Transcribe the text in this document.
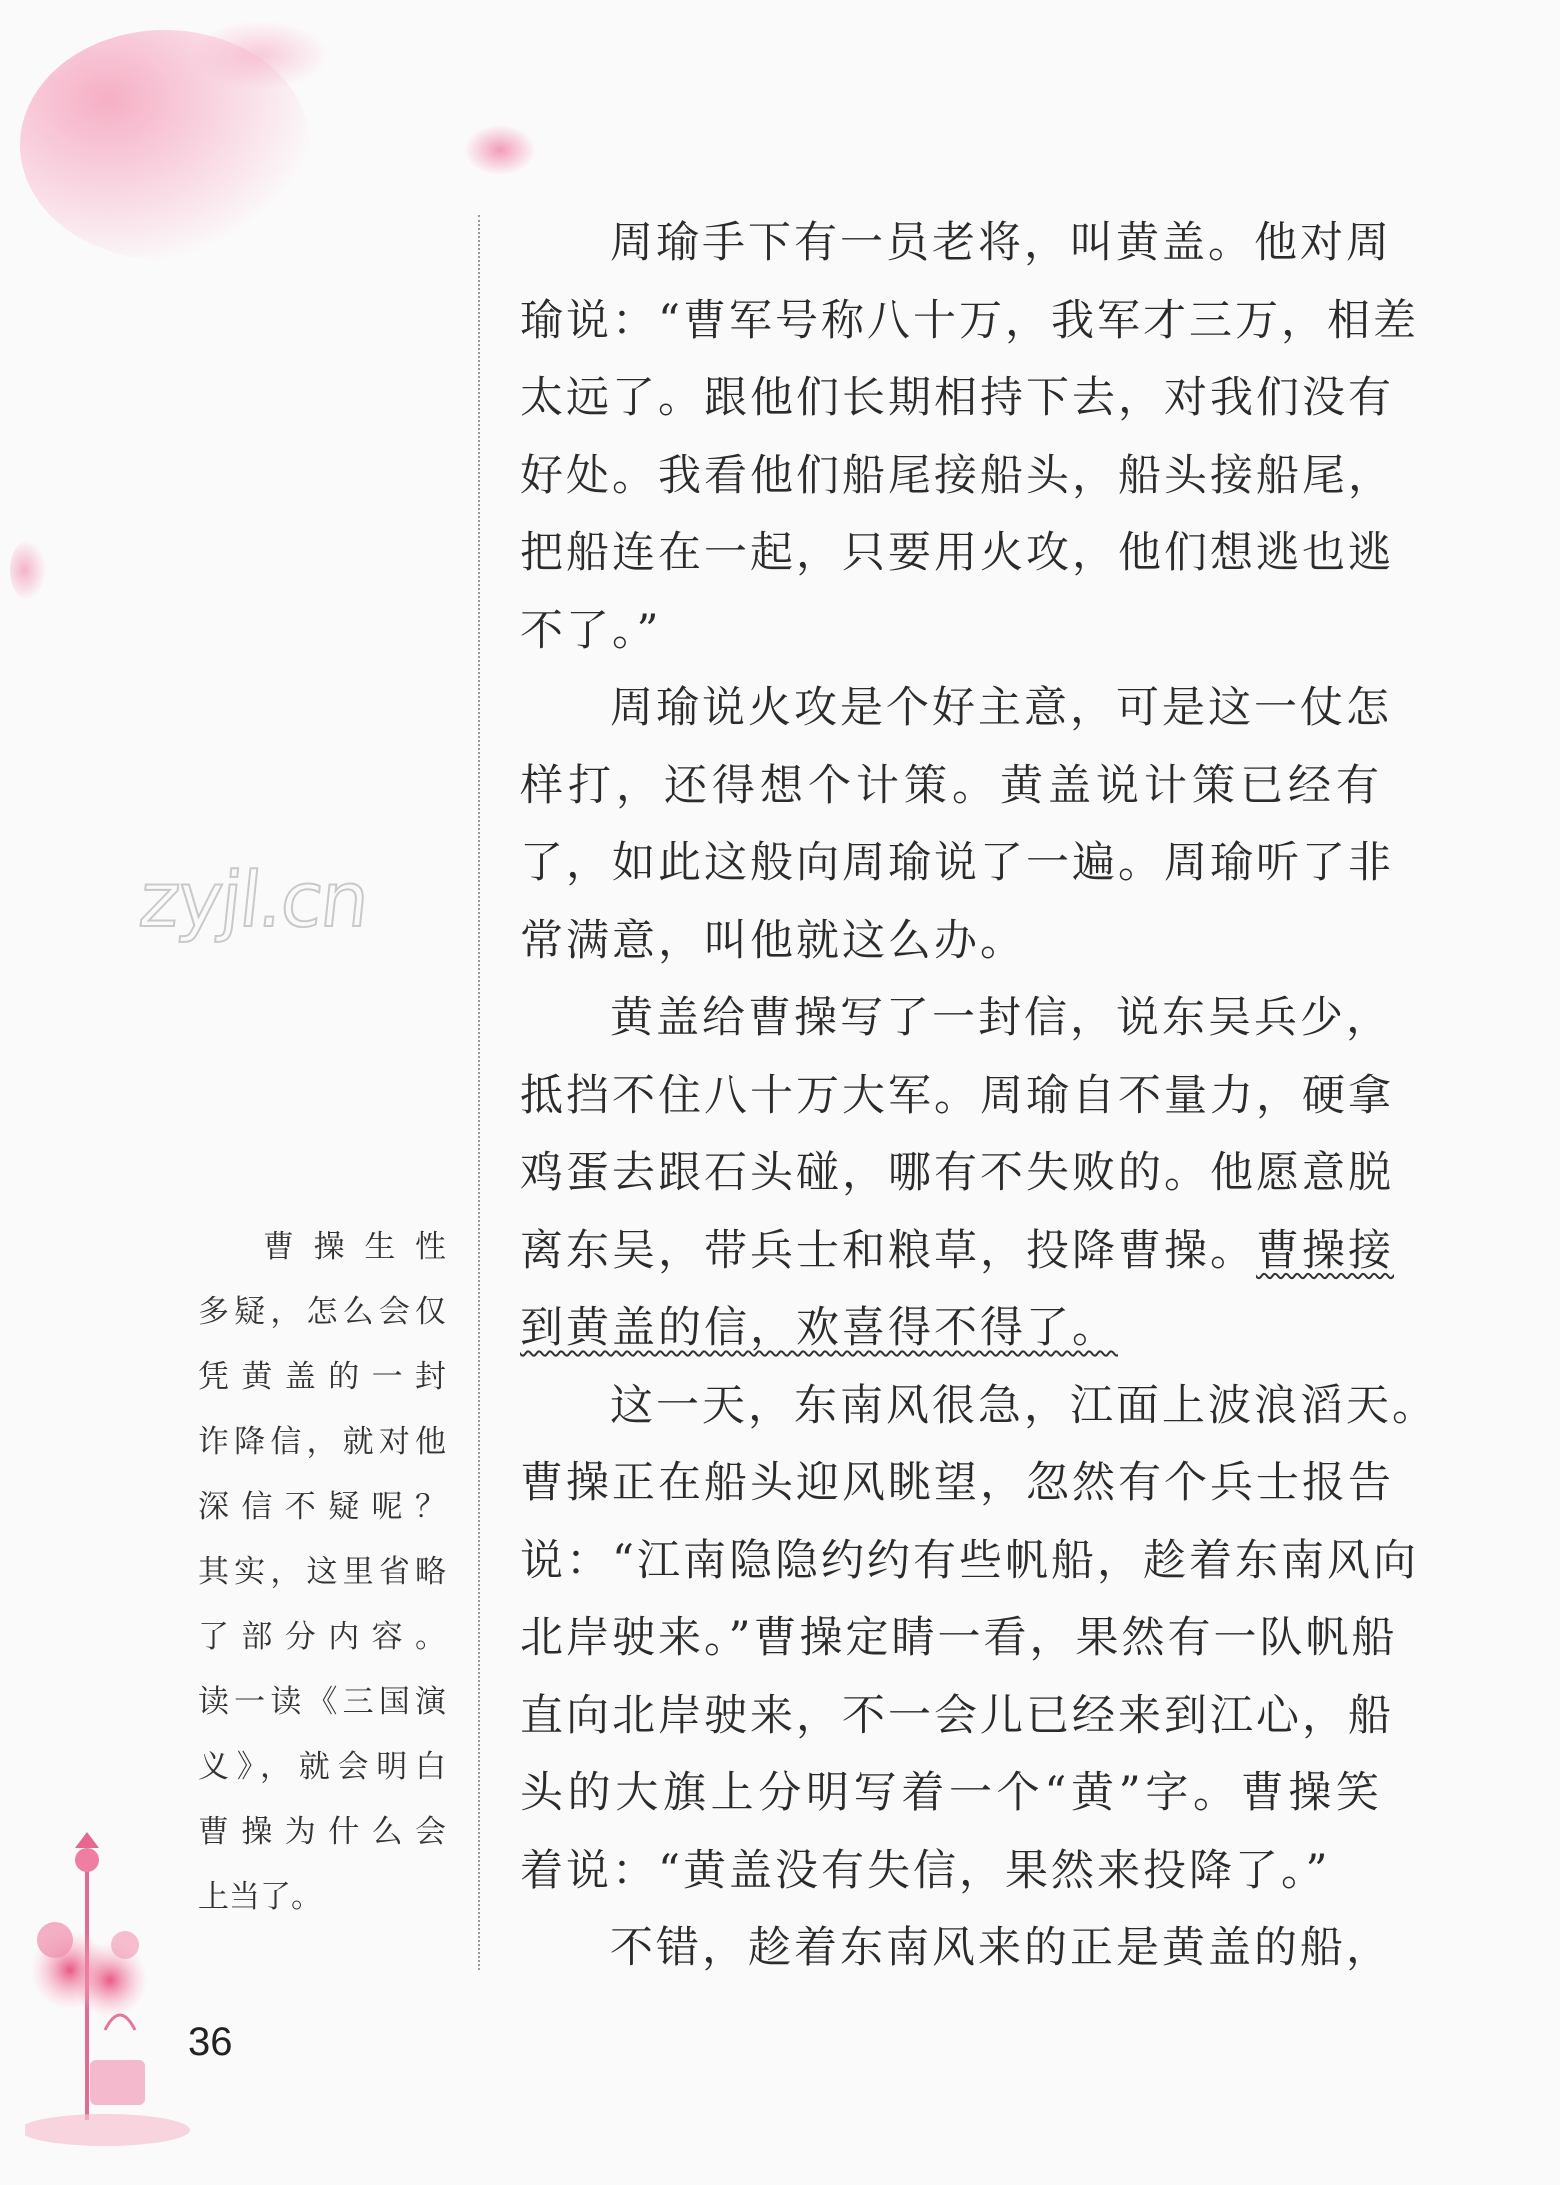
zyjl.cn
曹操生性
多疑，怎么会仅
凭黄盖的一封
诈降信，就对他
深信不疑呢？
其实，这里省略
了部分内容。
读一读《三国演
义》，就会明白
曹操为什么会
上当了。
周瑜手下有一员老将，叫黄盖。他对周
瑜说：“曹军号称八十万，我军才三万，相差
太远了。跟他们长期相持下去，对我们没有
好处。我看他们船尾接船头，船头接船尾，
把船连在一起，只要用火攻，他们想逃也逃
不了。”
周瑜说火攻是个好主意，可是这一仗怎
样打，还得想个计策。黄盖说计策已经有
了，如此这般向周瑜说了一遍。周瑜听了非
常满意，叫他就这么办。
黄盖给曹操写了一封信，说东吴兵少，
抵挡不住八十万大军。周瑜自不量力，硬拿
鸡蛋去跟石头碰，哪有不失败的。他愿意脱
离东吴，带兵士和粮草，投降曹操。曹操接
到黄盖的信，欢喜得不得了。
这一天，东南风很急，江面上波浪滔天。
曹操正在船头迎风眺望，忽然有个兵士报告
说：“江南隐隐约约有些帆船，趁着东南风向
北岸驶来。”曹操定睛一看，果然有一队帆船
直向北岸驶来，不一会儿已经来到江心，船
头的大旗上分明写着一个“黄”字。曹操笑
着说：“黄盖没有失信，果然来投降了。”
不错，趁着东南风来的正是黄盖的船，
36
